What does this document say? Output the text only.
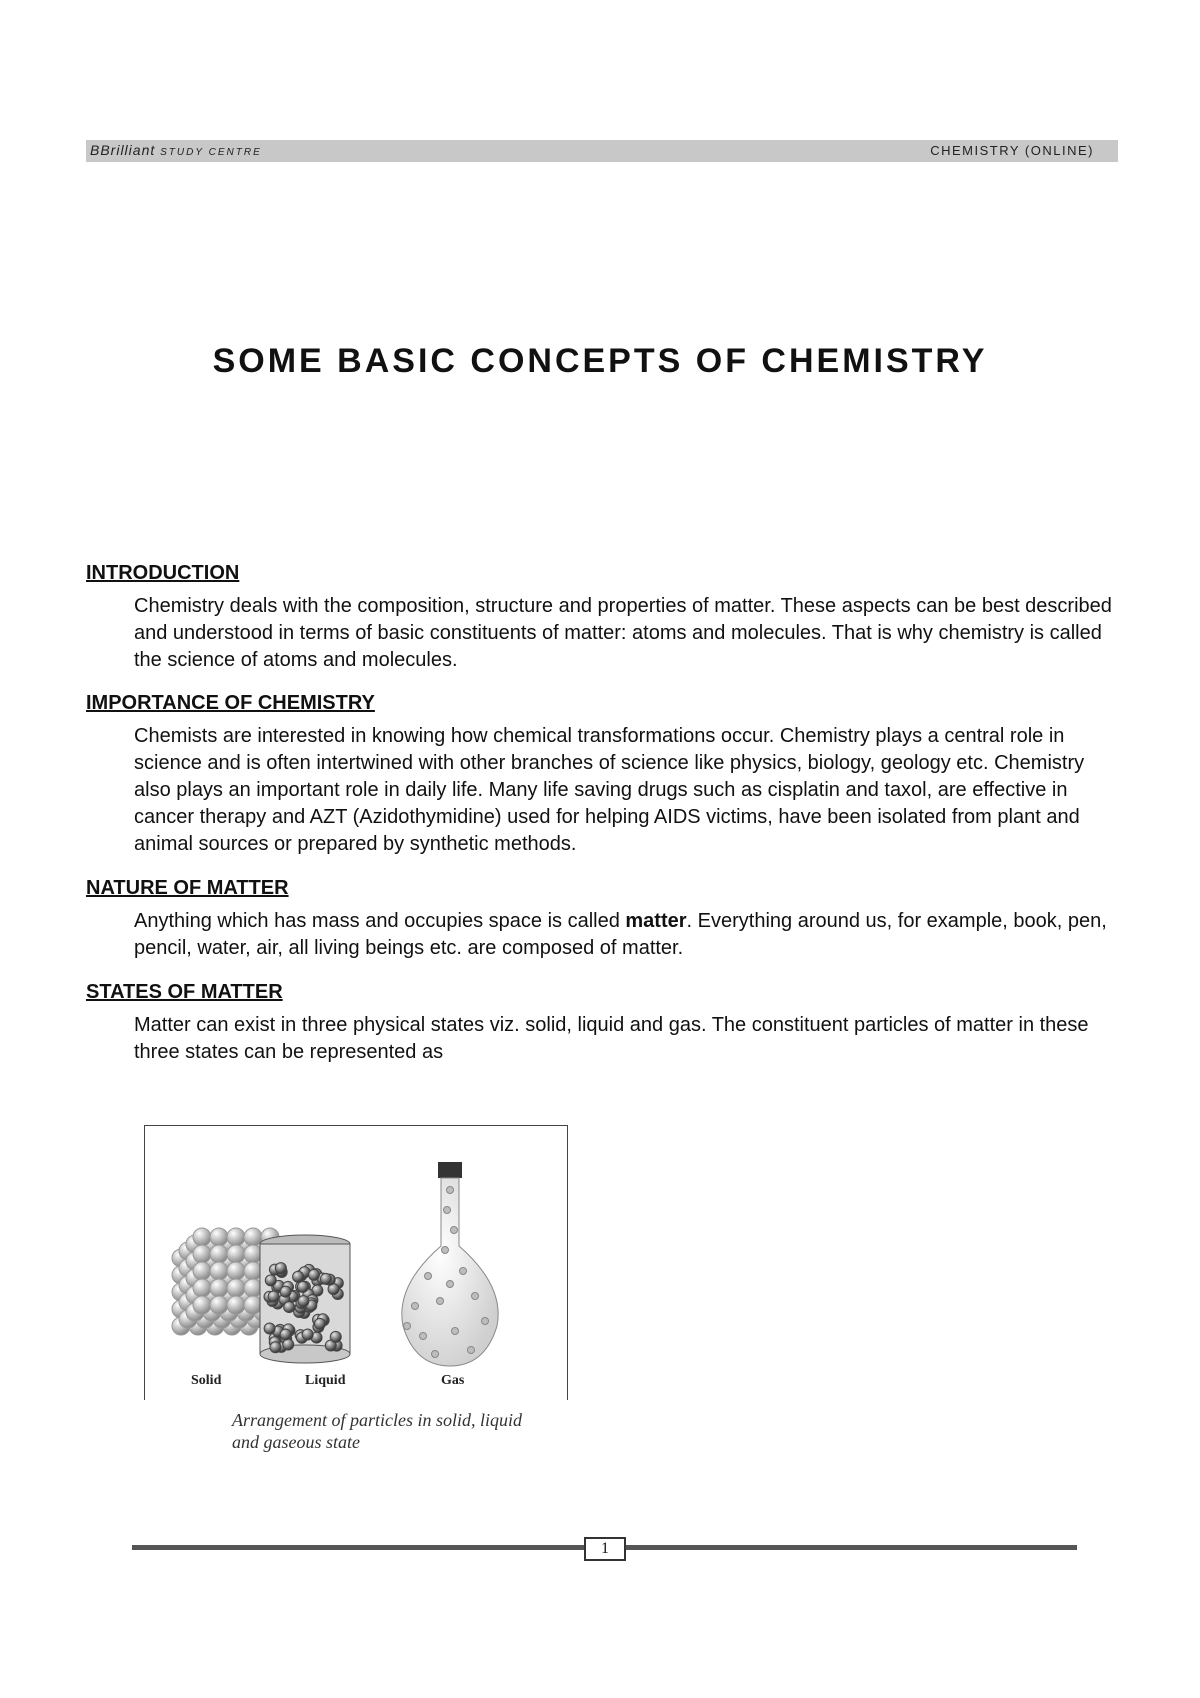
BBrilliant STUDY CENTRE	CHEMISTRY (ONLINE)
SOME BASIC CONCEPTS OF CHEMISTRY

INTRODUCTION

Chemistry deals with the composition, structure and properties of matter. These aspects can be best described and understood in terms of basic constituents of matter: atoms and molecules. That is why chemistry is called the science of atoms and molecules.

IMPORTANCE OF CHEMISTRY

Chemists are interested in knowing how chemical transformations occur. Chemistry plays a central role in science and is often intertwined with other branches of science like physics, biology, geology etc. Chemistry also plays an important role in daily life. Many life saving drugs such as cisplatin and taxol, are effective in cancer therapy and AZT (Azidothymidine) used for helping AIDS victims, have been isolated from plant and animal sources or prepared by synthetic methods.

NATURE OF MATTER

Anything which has mass and occupies space is called matter. Everything around us, for example, book, pen, pencil, water, air, all living beings etc. are composed of matter.

STATES OF MATTER

Matter can exist in three physical states viz. solid, liquid and gas. The constituent particles of matter in these three states can be represented as

Solid	Liquid	Gas
Arrangement of particles in solid, liquid
and gaseous state
1
